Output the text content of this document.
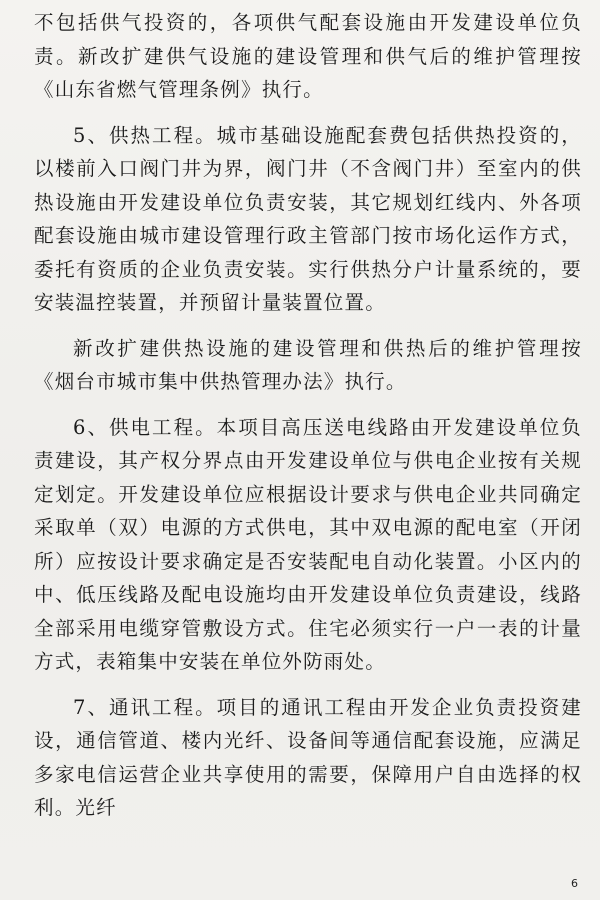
不包括供气投资的，各项供气配套设施由开发建设单位负责。新改扩建供气设施的建设管理和供气后的维护管理按《山东省燃气管理条例》执行。

5、供热工程。城市基础设施配套费包括供热投资的，以楼前入口阀门井为界，阀门井（不含阀门井）至室内的供热设施由开发建设单位负责安装，其它规划红线内、外各项配套设施由城市建设管理行政主管部门按市场化运作方式，委托有资质的企业负责安装。实行供热分户计量系统的，要安装温控装置，并预留计量装置位置。

新改扩建供热设施的建设管理和供热后的维护管理按《烟台市城市集中供热管理办法》执行。

6、供电工程。本项目高压送电线路由开发建设单位负责建设，其产权分界点由开发建设单位与供电企业按有关规定划定。开发建设单位应根据设计要求与供电企业共同确定采取单（双）电源的方式供电，其中双电源的配电室（开闭所）应按设计要求确定是否安装配电自动化装置。小区内的中、低压线路及配电设施均由开发建设单位负责建设，线路全部采用电缆穿管敷设方式。住宅必须实行一户一表的计量方式，表箱集中安装在单位外防雨处。

7、通讯工程。项目的通讯工程由开发企业负责投资建设，通信管道、楼内光纤、设备间等通信配套设施，应满足多家电信运营企业共享使用的需要，保障用户自由选择的权利。光纤

6
